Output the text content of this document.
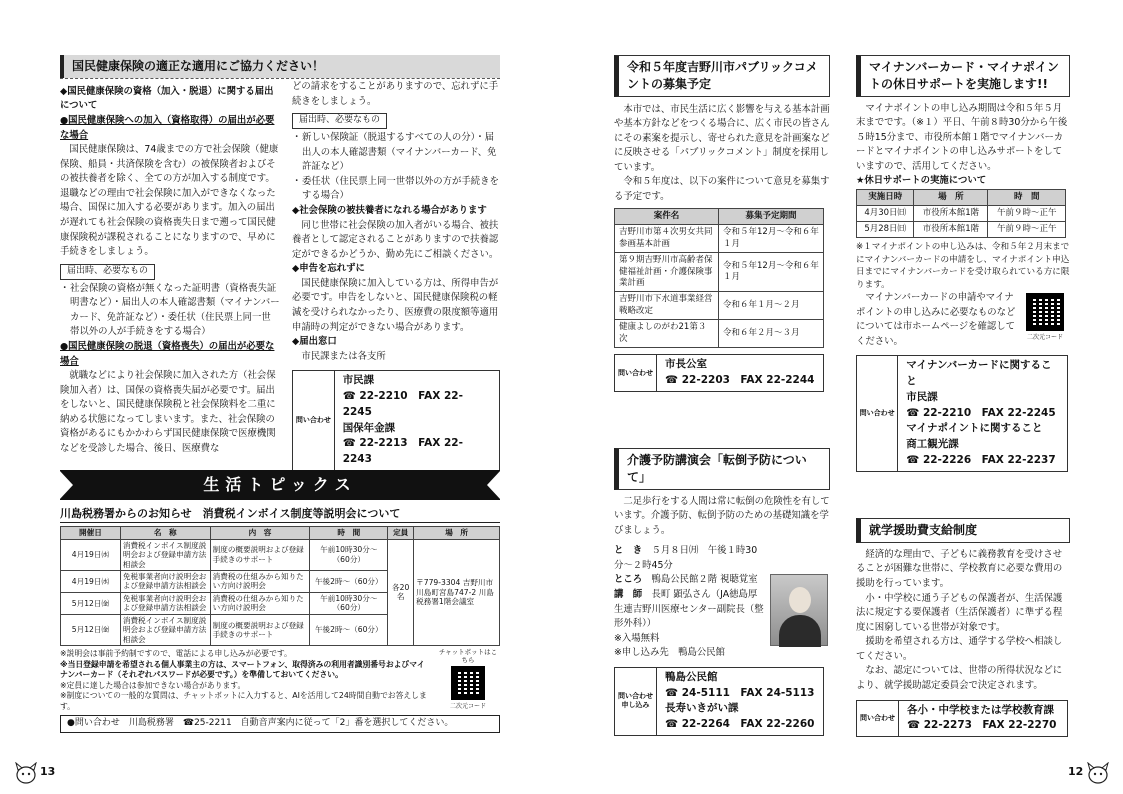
国民健康保険の適正な適用にご協力ください！

◆国民健康保険の資格（加入・脱退）に関する届出について

●国民健康保険への加入（資格取得）の届出が必要な場合

国民健康保険は、74歳までの方で社会保険（健康保険、船員・共済保険を含む）の被保険者およびその被扶養者を除く、全ての方が加入する制度です。退職などの理由で社会保険に加入ができなくなった場合、国保に加入する必要があります。加入の届出が遅れても社会保険の資格喪失日まで遡って国民健康保険税が課税されることになりますので、早めに手続きをしましょう。

届出時、必要なもの
・ 社会保険の資格が無くなった証明書（資格喪失証明書など）・届出人の本人確認書類（マイナンバーカード、免許証など）・委任状（住民票上同一世帯以外の人が手続きをする場合）

●国民健康保険の脱退（資格喪失）の届出が必要な場合

就職などにより社会保険に加入された方（社会保険加入者）は、国保の資格喪失届が必要です。届出をしないと、国民健康保険税と社会保険料を二重に納める状態になってしまいます。また、社会保険の資格があるにもかかわらず国民健康保険で医療機関などを受診した場合、後日、医療費な

どの請求をすることがありますので、忘れずに手続きをしましょう。

届出時、必要なもの
・ 新しい保険証（脱退するすべての人の分）・届出人の本人確認書類（マイナンバーカード、免許証など）
・ 委任状（住民票上同一世帯以外の方が手続きをする場合）

◆社会保険の被扶養者になれる場合があります

同じ世帯に社会保険の加入者がいる場合、被扶養者として認定されることがありますので扶養認定ができるかどうか、勤め先にご相談ください。

◆申告を忘れずに

国民健康保険に加入している方は、所得申告が必要です。申告をしないと、国民健康保険税の軽減を受けられなかったり、医療費の限度額等適用申請時の判定ができない場合があります。

◆届出窓口

市民課または各支所

問い合わせ
市民課
☎ 22-2210　FAX 22-2245
国保年金課
☎ 22-2213　FAX 22-2243
生活トピックス
川島税務署からのお知らせ　消費税インボイス制度等説明会について
開催日	名　称	内　容	時　間	定員	場　所
4月19日㈬	消費税インボイス制度説明会および登録申請方法相談会	制度の概要説明および登録手続きのサポート	午前10時30分～（60分）	各20名	〒779-3304 吉野川市川島町宮島747-2 川島税務署1階会議室
4月19日㈬	免税事業者向け説明会および登録申請方法相談会	消費税の仕組みから知りたい方向け説明会	午後2時～（60分）		
5月12日㈮	免税事業者向け説明会および登録申請方法相談会	消費税の仕組みから知りたい方向け説明会	午前10時30分～（60分）		
5月12日㈮	消費税インボイス制度説明会および登録申請方法相談会	制度の概要説明および登録手続きのサポート	午後2時～（60分）		
※説明会は事前予約制ですので、電話による申し込みが必要です。
※当日登録申請を希望される個人事業主の方は、スマートフォン、取得済みの利用者識別番号およびマイナンバーカード（それぞれパスワードが必要です。）を準備しておいてください。
※定員に達した場合は参加できない場合があります。
※制度についての一般的な質問は、チャットボットに入力すると、AIを活用して24時間自動でお答えします。
チャットボットはこちら
二次元コード
●問い合わせ　川島税務署　☎25-2211　自動音声案内に従って「2」番を選択してください。
13
令和５年度吉野川市パブリックコメントの募集予定

本市では、市民生活に広く影響を与える基本計画や基本方針などをつくる場合に、広く市民の皆さんにその素案を提示し、寄せられた意見を計画案などに反映させる「パブリックコメント」制度を採用しています。

令和５年度は、以下の案件について意見を募集する予定です。

案件名	募集予定期間
吉野川市第４次男女共同参画基本計画	令和５年12月～令和６年１月
第９期吉野川市高齢者保健福祉計画・介護保険事業計画	令和５年12月～令和６年１月
吉野川市下水道事業経営戦略改定	令和６年１月～２月
健康よしのがわ21第３次	令和６年２月～３月
問い合わせ
市長公室
☎ 22-2203　FAX 22-2244
介護予防講演会「転倒予防について」

二足歩行をする人間は常に転倒の危険性を有しています。介護予防、転倒予防のための基礎知識を学びましょう。

と　き　 ５月８日㈪　午後１時30分～２時45分

ところ　 鴨島公民館２階 視聴覚室

講　師　 長町 顕弘さん（JA徳島厚生連吉野川医療センター副院長（整形外科））

※入場無料

※申し込み先　鴨島公民館

問い合わせ申し込み
鴨島公民館
☎ 24-5111　FAX 24-5113
長寿いきがい課
☎ 22-2264　FAX 22-2260
マイナンバーカード・マイナポイントの休日サポートを実施します!!

マイナポイントの申し込み期間は令和５年５月末までです。（※１）平日、午前８時30分から午後５時15分まで、市役所本館１階でマイナンバーカードとマイナポイントの申し込みサポートをしていますので、活用してください。

★休日サポートの実施について

実施日時	場　所	時　間
4月30日㈰	市役所本館1階	午前９時～正午
5月28日㈰	市役所本館1階	午前９時～正午

※１マイナポイントの申し込みは、令和５年２月末までにマイナンバーカードの申請をし、マイナポイント申込日までにマイナンバーカードを受け取られている方に限ります。

マイナンバーカードの申請やマイナポイントの申し込みに必要なものなどについては市ホームページを確認してください。	二次元コード
問い合わせ
マイナンバーカードに関すること
市民課
☎ 22-2210　FAX 22-2245
マイナポイントに関すること
商工観光課
☎ 22-2226　FAX 22-2237
就学援助費支給制度

経済的な理由で、子どもに義務教育を受けさせることが困難な世帯に、学校教育に必要な費用の援助を行っています。

小・中学校に通う子どもの保護者が、生活保護法に規定する要保護者（生活保護者）に準ずる程度に困窮している世帯が対象です。

援助を希望される方は、通学する学校へ相談してください。

なお、認定については、世帯の所得状況などにより、就学援助認定委員会で決定されます。

問い合わせ
各小・中学校または学校教育課
☎ 22-2273　FAX 22-2270
12
